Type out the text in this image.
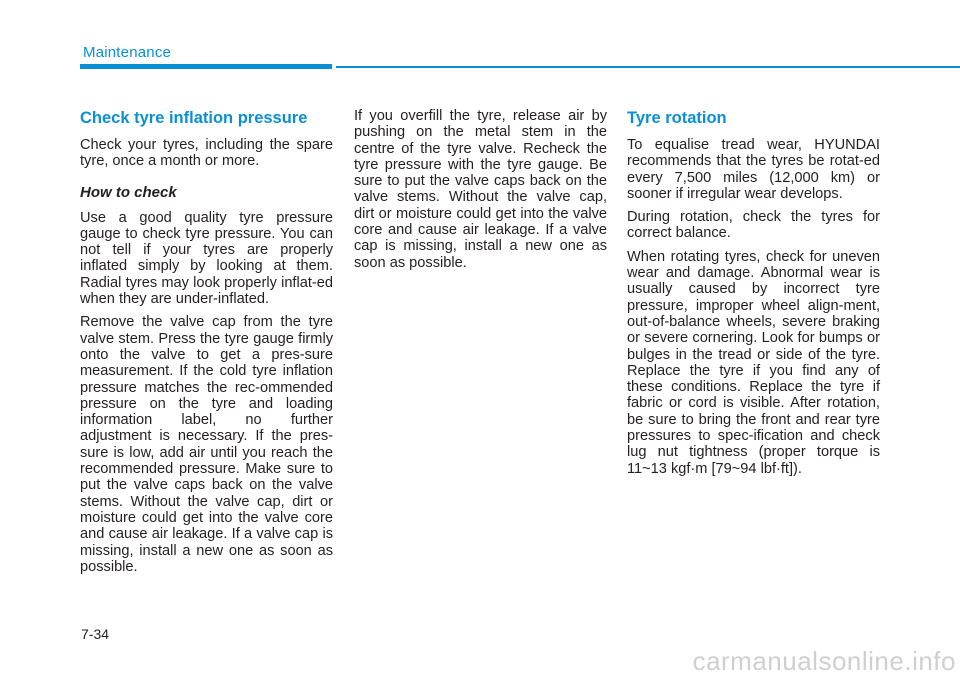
Maintenance
Check tyre inflation pressure

Check your tyres, including the spare tyre, once a month or more.

How to check

Use a good quality tyre pressure gauge to check tyre pressure. You can not tell if your tyres are properly inflated simply by looking at them. Radial tyres may look properly inflat-ed when they are under-inflated.

Remove the valve cap from the tyre valve stem. Press the tyre gauge firmly onto the valve to get a pres-sure measurement. If the cold tyre inflation pressure matches the rec-ommended pressure on the tyre and loading information label, no further adjustment is necessary. If the pres-sure is low, add air until you reach the recommended pressure. Make sure to put the valve caps back on the valve stems. Without the valve cap, dirt or moisture could get into the valve core and cause air leakage. If a valve cap is missing, install a new one as soon as possible.

If you overfill the tyre, release air by pushing on the metal stem in the centre of the tyre valve. Recheck the tyre pressure with the tyre gauge. Be sure to put the valve caps back on the valve stems. Without the valve cap, dirt or moisture could get into the valve core and cause air leakage. If a valve cap is missing, install a new one as soon as possible.

Tyre rotation

To equalise tread wear, HYUNDAI recommends that the tyres be rotat-ed every 7,500 miles (12,000 km) or sooner if irregular wear develops.

During rotation, check the tyres for correct balance.

When rotating tyres, check for uneven wear and damage. Abnormal wear is usually caused by incorrect tyre pressure, improper wheel align-ment, out-of-balance wheels, severe braking or severe cornering. Look for bumps or bulges in the tread or side of the tyre. Replace the tyre if you find any of these conditions. Replace the tyre if fabric or cord is visible. After rotation, be sure to bring the front and rear tyre pressures to spec-ification and check lug nut tightness (proper torque is 11~13 kgf·m [79~94 lbf·ft]).

7-34
carmanualsonline.info
